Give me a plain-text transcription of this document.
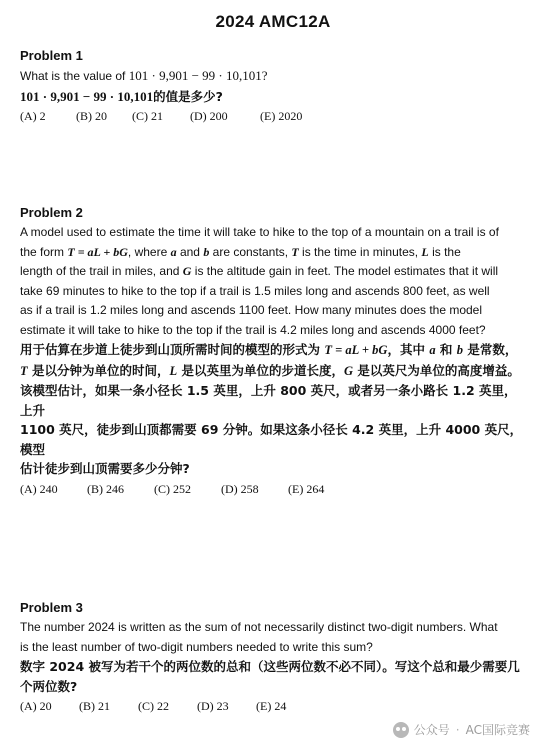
2024 AMC12A
Problem 1

What is the value of 101 · 9,901 − 99 · 10,101?

101 · 9,901 − 99 · 10,101的值是多少?

(A) 2	(B) 20	(C) 21	(D) 200	(E) 2020
Problem 2

A model used to estimate the time it will take to hike to the top of a mountain on a trail is of
the form T = aL + bG, where a and b are constants, T is the time in minutes, L is the
length of the trail in miles, and G is the altitude gain in feet. The model estimates that it will
take 69 minutes to hike to the top if a trail is 1.5 miles long and ascends 800 feet, as well
as if a trail is 1.2 miles long and ascends 1100 feet. How many minutes does the model
estimate it will take to hike to the top if the trail is 4.2 miles long and ascends 4000 feet?

用于估算在步道上徒步到山顶所需时间的模型的形式为 T = aL + bG，其中 a 和 b 是常数，
T 是以分钟为单位的时间，L 是以英里为单位的步道长度，G 是以英尺为单位的高度增益。
该模型估计，如果一条小径长 1.5 英里，上升 800 英尺，或者另一条小路长 1.2 英里，上升
1100 英尺，徒步到山顶都需要 69 分钟。如果这条小径长 4.2 英里，上升 4000 英尺，模型
估计徒步到山顶需要多少分钟?

(A) 240	(B) 246	(C) 252	(D) 258	(E) 264
Problem 3

The number 2024 is written as the sum of not necessarily distinct two-digit numbers. What
is the least number of two-digit numbers needed to write this sum?

数字 2024 被写为若干个的两位数的总和（这些两位数不必不同）。写这个总和最少需要几
个两位数?

(A) 20	(B) 21	(C) 22	(D) 23	(E) 24
公众号 · AC国际竞赛
